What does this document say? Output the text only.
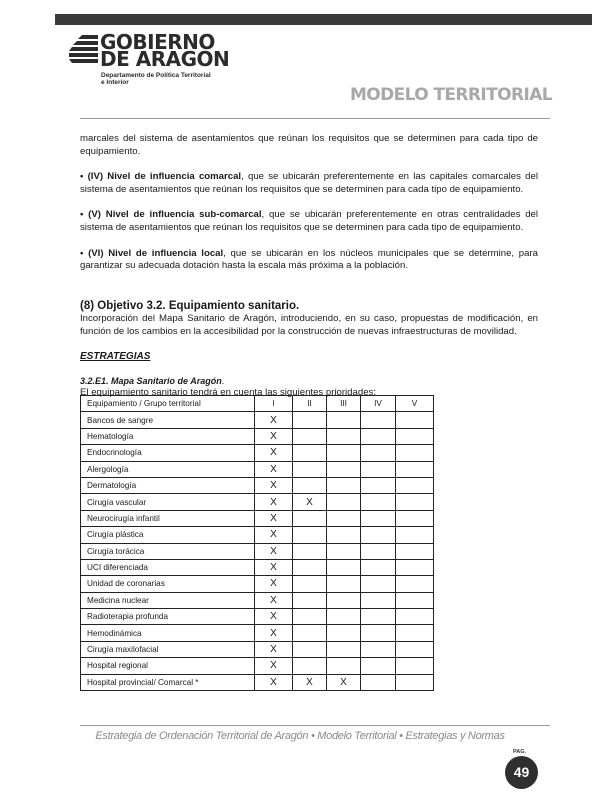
GOBIERNO
DE ARAGON
Departamento de Política Territorial
e Interior
MODELO TERRITORIAL

marcales del sistema de asentamientos que reúnan los requisitos que se determinen para cada tipo de equipamiento.

• (IV) Nivel de influencia comarcal, que se ubicarán preferentemente en las capitales comarcales del sistema de asentamientos que reúnan los requisitos que se determinen para cada tipo de equipamiento.

• (V) Nivel de influencia sub-comarcal, que se ubicarán preferentemente en otras centralidades del sistema de asentamientos que reúnan los requisitos que se determinen para cada tipo de equipamiento.

• (VI) Nivel de influencia local, que se ubicarán en los núcleos municipales que se determine, para garantizar su adecuada dotación hasta la escala más próxima a la población.

(8) Objetivo 3.2. Equipamiento sanitario.

Incorporación del Mapa Sanitario de Aragón, introduciendo, en su caso, propuestas de modificación, en función de los cambios en la accesibilidad por la construcción de nuevas infraestructuras de movilidad.

ESTRATEGIAS

3.2.E1. Mapa Sanitario de Aragón.

El equipamiento sanitario tendrá en cuenta las siguientes prioridades:

Equipamiento / Grupo territorial	I	II	III	IV	V
Bancos de sangre	X				
Hematología	X				
Endocrinología	X				
Alergología	X				
Dermatología	X				
Cirugía vascular	X	X			
Neurocirugía infantil	X				
Cirugía plástica	X				
Cirugía torácica	X				
UCI diferenciada	X				
Unidad de coronarias	X				
Medicina nuclear	X				
Radioterapia profunda	X				
Hemodinámica	X				
Cirugía maxilofacial	X				
Hospital regional	X				
Hospital provincial/ Comarcal *	X	X	X		
Estrategia de Ordenación Territorial de Aragón • Modelo Territorial • Estrategias y Normas
PAG.
49
